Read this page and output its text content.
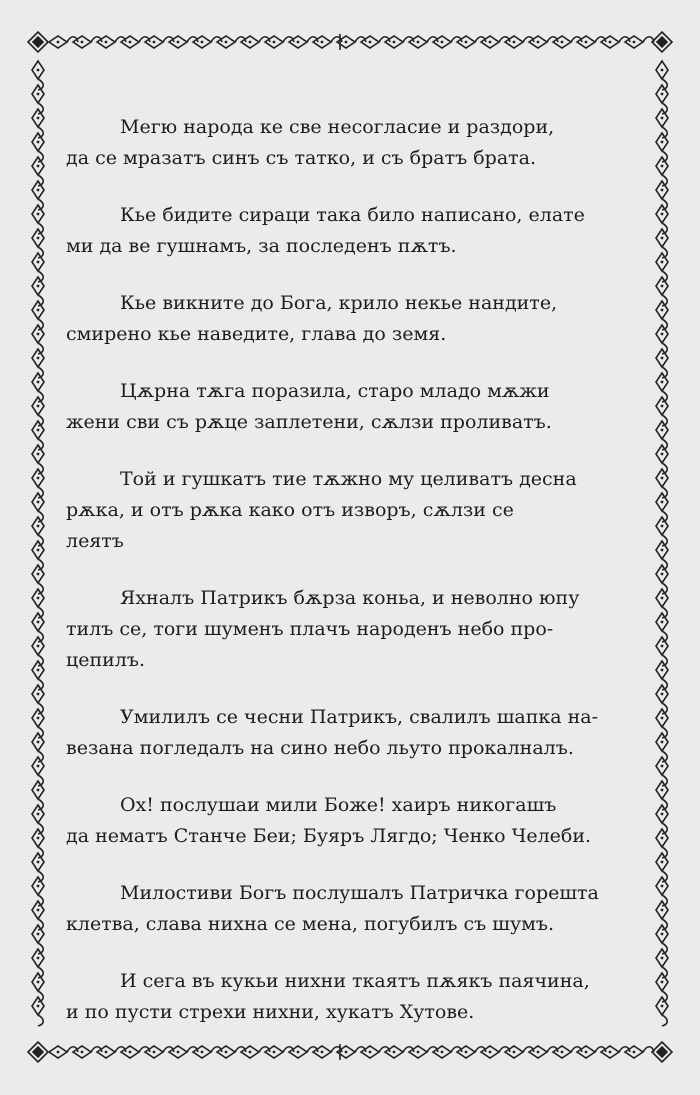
Мегю народа ке све несогласие и раздори,
да се мразатъ синъ съ татко, и съ братъ брата.
Кье бидите сираци така било написано, елате
ми да ве гушнамъ, за последенъ пѫтъ.
Кье викните до Бога, крило некье нандите,
смирено кье наведите, глава до земя.
Цѫрна тѫга поразила, старо младо мѫжи
жени сви съ рѫце заплетени, сѫлзи проливатъ.
Той и гушкатъ тие тѫжно му целиватъ десна
рѫка, и отъ рѫка како отъ изворъ, сѫлзи се
леятъ
Яхналъ Патрикъ бѫрза коньа, и неволно юпу
тилъ се, тоги шуменъ плачъ народенъ небо про-
цепилъ.
Умилилъ се чесни Патрикъ, свалилъ шапка на-
везана погледалъ на сино небо льуто прокалналъ.
Ох! послушаи мили Боже! хаиръ никогашъ
да нематъ Станче Беи; Буяръ Лягдо; Ченко Челеби.
Милостиви Богъ послушалъ Патричка горешта
клетва, слава нихна се мена, погубилъ съ шумъ.
И сега въ кукьи нихни ткаятъ пѫякъ паячина,
и по пусти стрехи нихни, хукатъ Хутове.
